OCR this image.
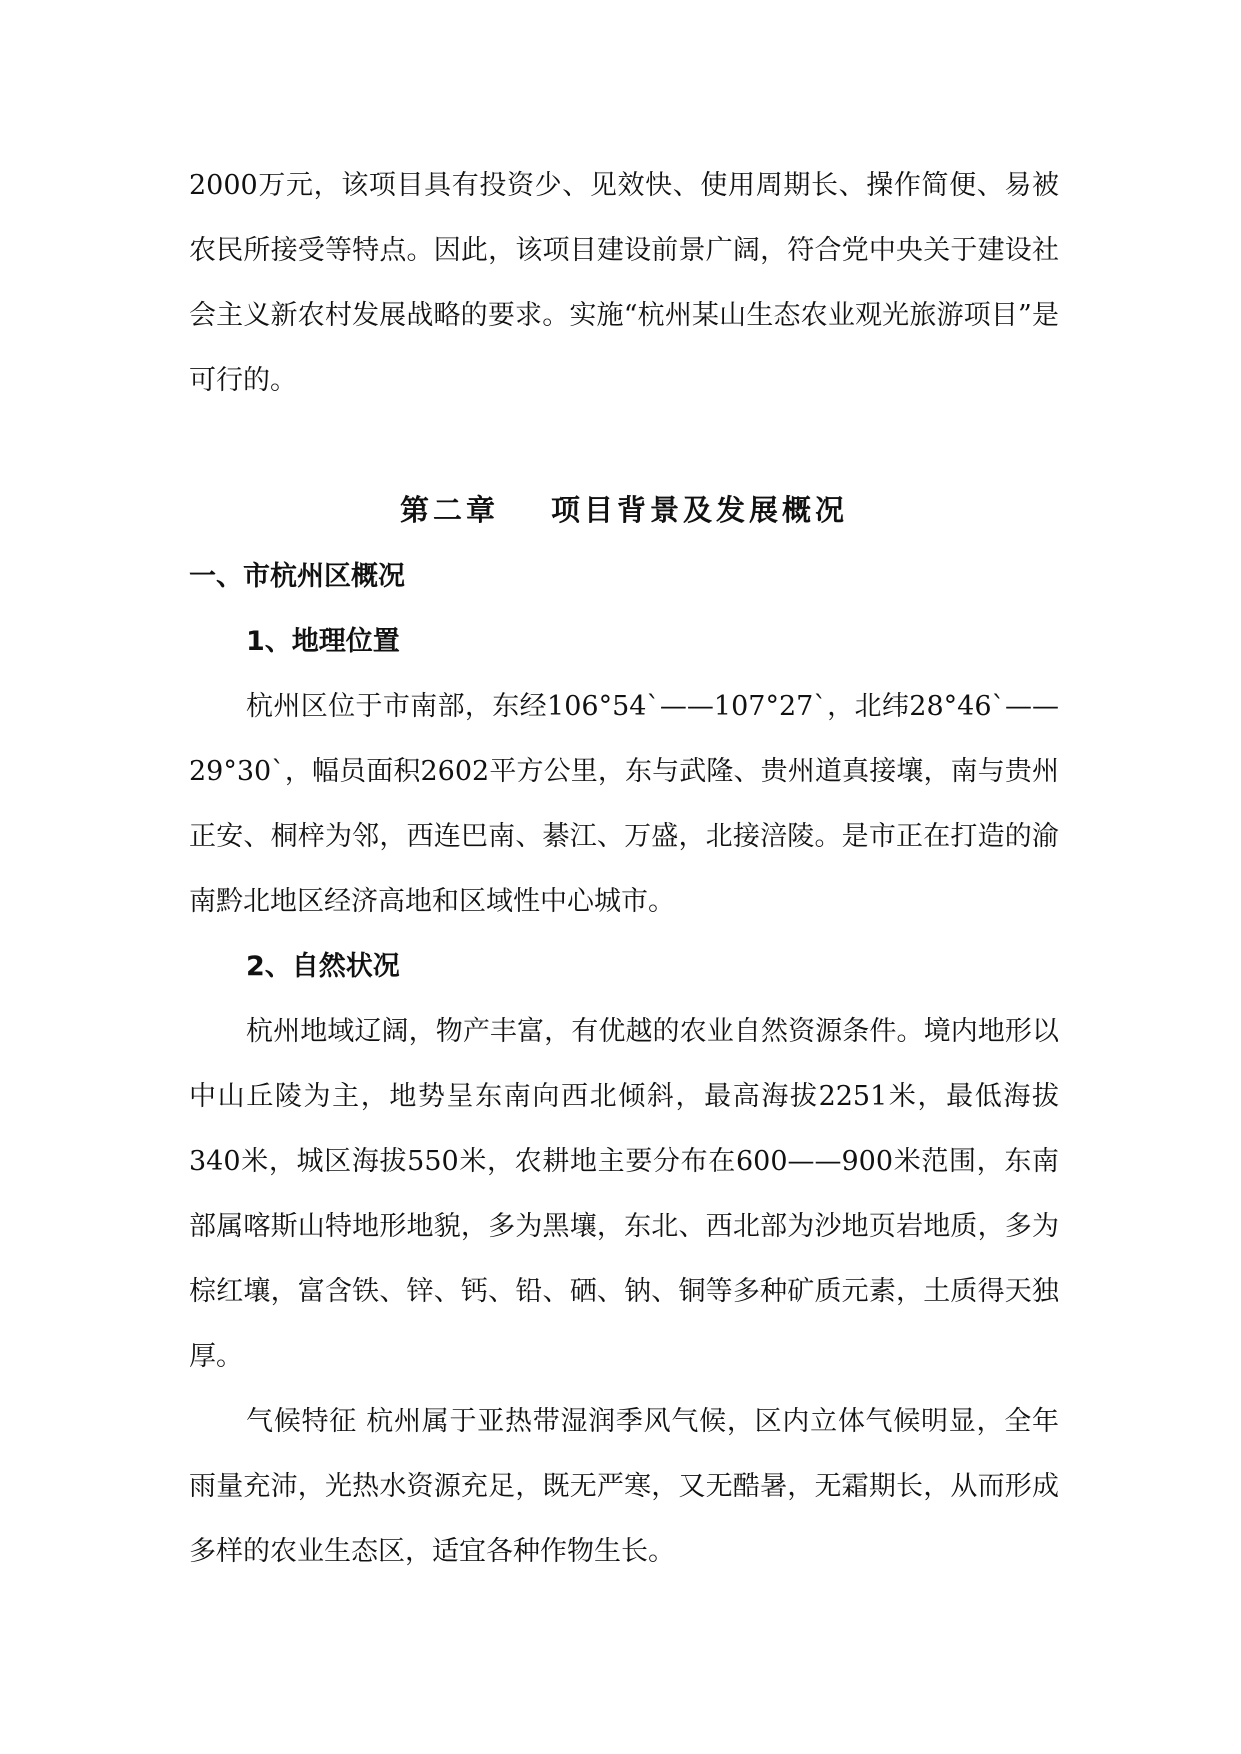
2000万元，该项目具有投资少、见效快、使用周期长、操作简便、易被农民所接受等特点。因此，该项目建设前景广阔，符合党中央关于建设社会主义新农村发展战略的要求。实施“杭州某山生态农业观光旅游项目”是可行的。

第二章 项目背景及发展概况

一、市杭州区概况

1、地理位置

杭州区位于市南部，东经106°54`——107°27`，北纬28°46`——29°30`，幅员面积2602平方公里，东与武隆、贵州道真接壤，南与贵州正安、桐梓为邻，西连巴南、綦江、万盛，北接涪陵。是市正在打造的渝南黔北地区经济高地和区域性中心城市。

2、自然状况

杭州地域辽阔，物产丰富，有优越的农业自然资源条件。境内地形以中山丘陵为主，地势呈东南向西北倾斜，最高海拔2251米，最低海拔340米，城区海拔550米，农耕地主要分布在600——900米范围，东南部属喀斯山特地形地貌，多为黑壤，东北、西北部为沙地页岩地质，多为棕红壤，富含铁、锌、钙、铅、硒、钠、铜等多种矿质元素，土质得天独厚。

气候特征 杭州属于亚热带湿润季风气候，区内立体气候明显，全年雨量充沛，光热水资源充足，既无严寒，又无酷暑，无霜期长，从而形成多样的农业生态区，适宜各种作物生长。
